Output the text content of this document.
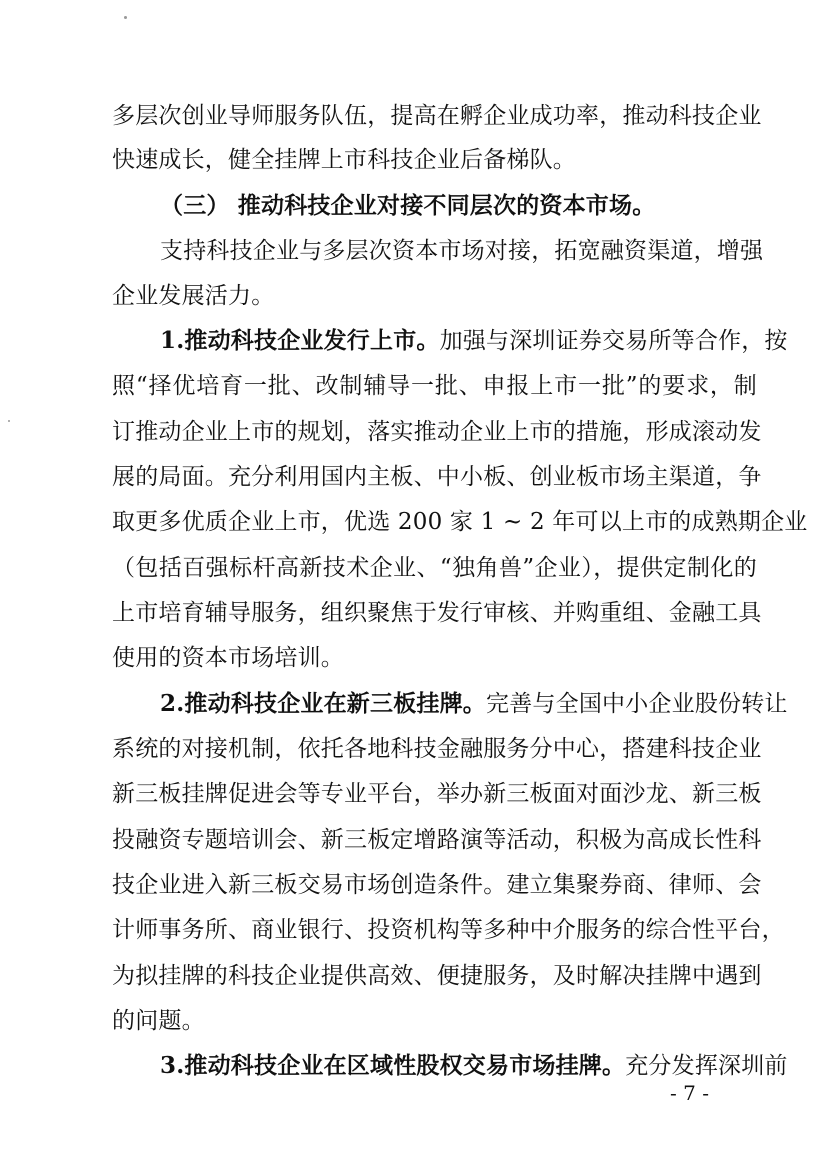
多层次创业导师服务队伍，提高在孵企业成功率，推动科技企业
快速成长，健全挂牌上市科技企业后备梯队。
（三） 推动科技企业对接不同层次的资本市场。
支持科技企业与多层次资本市场对接，拓宽融资渠道，增强
企业发展活力。
1.推动科技企业发行上市。加强与深圳证券交易所等合作，按
照“择优培育一批、改制辅导一批、申报上市一批”的要求，制
订推动企业上市的规划，落实推动企业上市的措施，形成滚动发
展的局面。充分利用国内主板、中小板、创业板市场主渠道，争
取更多优质企业上市，优选 200 家 1 ~ 2 年可以上市的成熟期企业
（包括百强标杆高新技术企业、“独角兽”企业），提供定制化的
上市培育辅导服务，组织聚焦于发行审核、并购重组、金融工具
使用的资本市场培训。
2.推动科技企业在新三板挂牌。完善与全国中小企业股份转让
系统的对接机制，依托各地科技金融服务分中心，搭建科技企业
新三板挂牌促进会等专业平台，举办新三板面对面沙龙、新三板
投融资专题培训会、新三板定增路演等活动，积极为高成长性科
技企业进入新三板交易市场创造条件。建立集聚券商、律师、会
计师事务所、商业银行、投资机构等多种中介服务的综合性平台，
为拟挂牌的科技企业提供高效、便捷服务，及时解决挂牌中遇到
的问题。
3.推动科技企业在区域性股权交易市场挂牌。充分发挥深圳前
- 7 -
